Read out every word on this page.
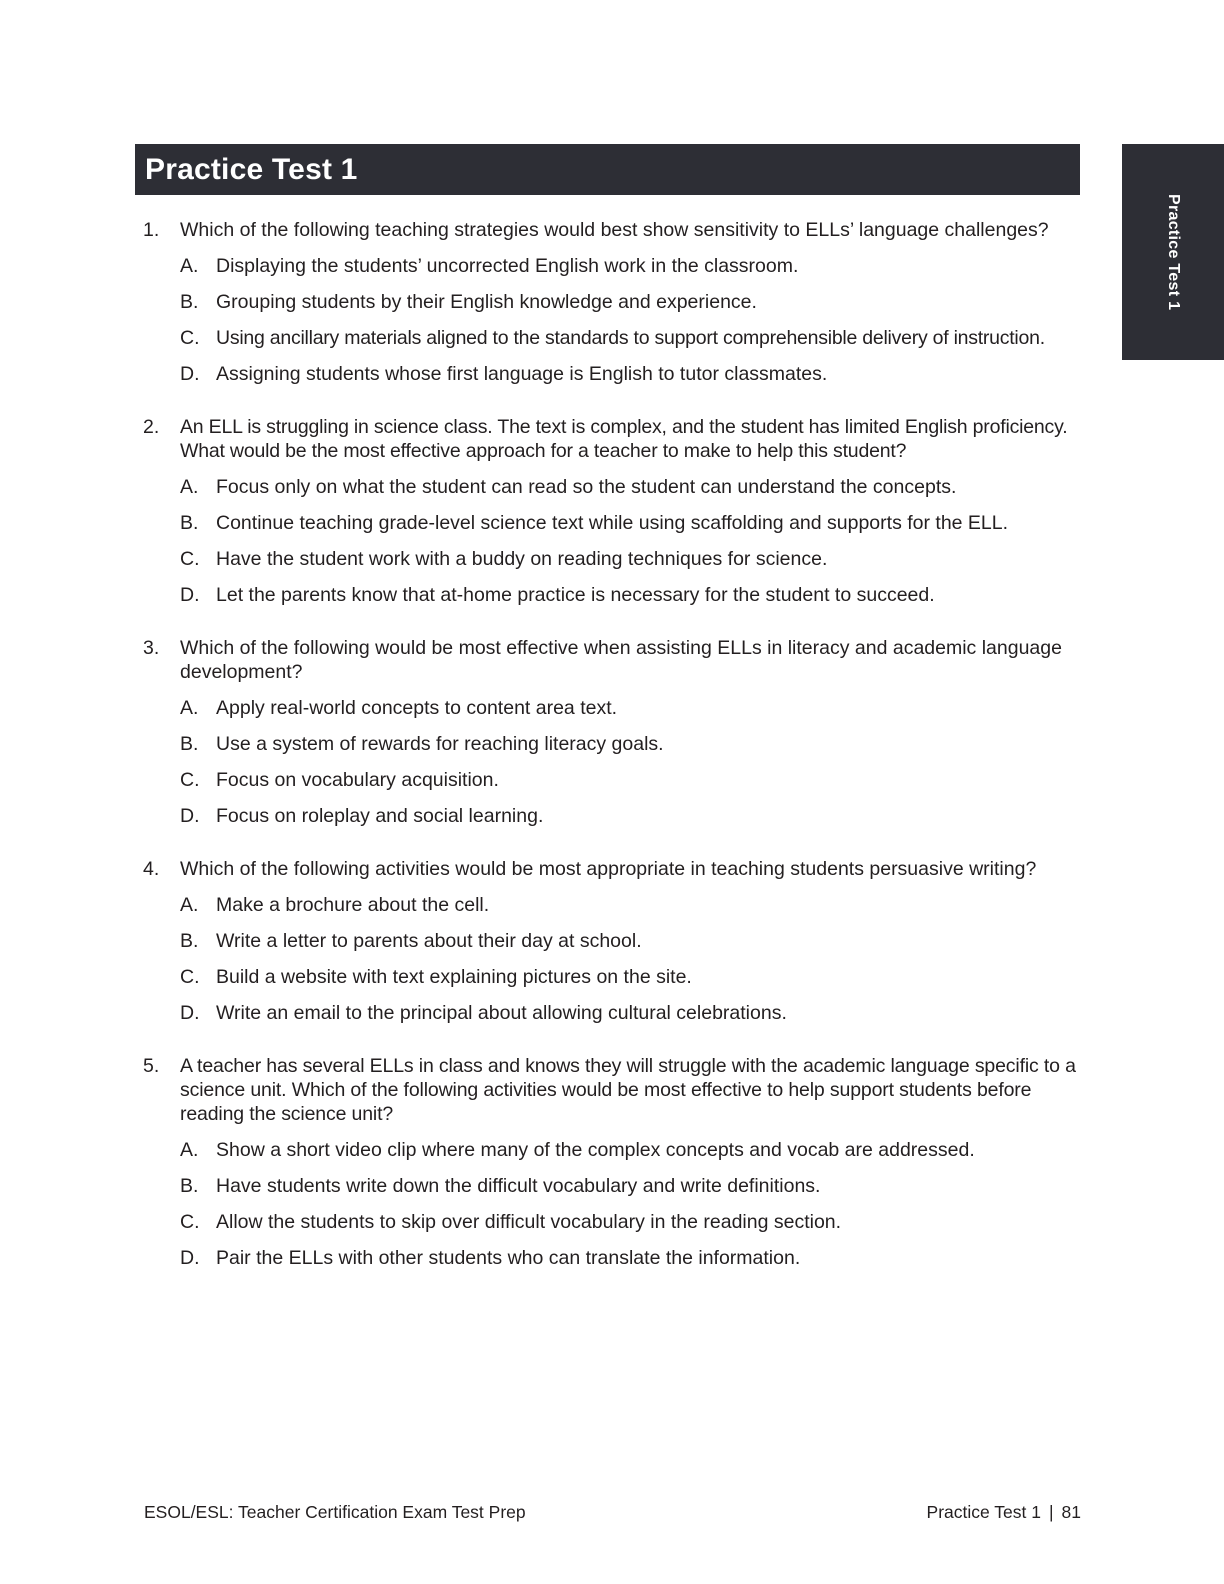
Practice Test 1
Practice Test 1
1.	Which of the following teaching strategies would best show sensitivity to ELLs’ language challenges?
A. Displaying the students’ uncorrected English work in the classroom.
B. Grouping students by their English knowledge and experience.
C. Using ancillary materials aligned to the standards to support comprehensible delivery of instruction.
D. Assigning students whose first language is English to tutor classmates.
2.	An ELL is struggling in science class. The text is complex, and the student has limited English proficiency. What would be the most effective approach for a teacher to make to help this student?
A. Focus only on what the student can read so the student can understand the concepts.
B. Continue teaching grade-level science text while using scaffolding and supports for the ELL.
C. Have the student work with a buddy on reading techniques for science.
D. Let the parents know that at-home practice is necessary for the student to succeed.
3.	Which of the following would be most effective when assisting ELLs in literacy and academic language development?
A. Apply real-world concepts to content area text.
B. Use a system of rewards for reaching literacy goals.
C. Focus on vocabulary acquisition.
D. Focus on roleplay and social learning.
4.	Which of the following activities would be most appropriate in teaching students persuasive writing?
A. Make a brochure about the cell.
B. Write a letter to parents about their day at school.
C. Build a website with text explaining pictures on the site.
D. Write an email to the principal about allowing cultural celebrations.
5.	A teacher has several ELLs in class and knows they will struggle with the academic language specific to a science unit. Which of the following activities would be most effective to help support students before reading the science unit?
A. Show a short video clip where many of the complex concepts and vocab are addressed.
B. Have students write down the difficult vocabulary and write definitions.
C. Allow the students to skip over difficult vocabulary in the reading section.
D. Pair the ELLs with other students who can translate the information.
ESOL/ESL: Teacher Certification Exam Test Prep	Practice Test 1 | 81
